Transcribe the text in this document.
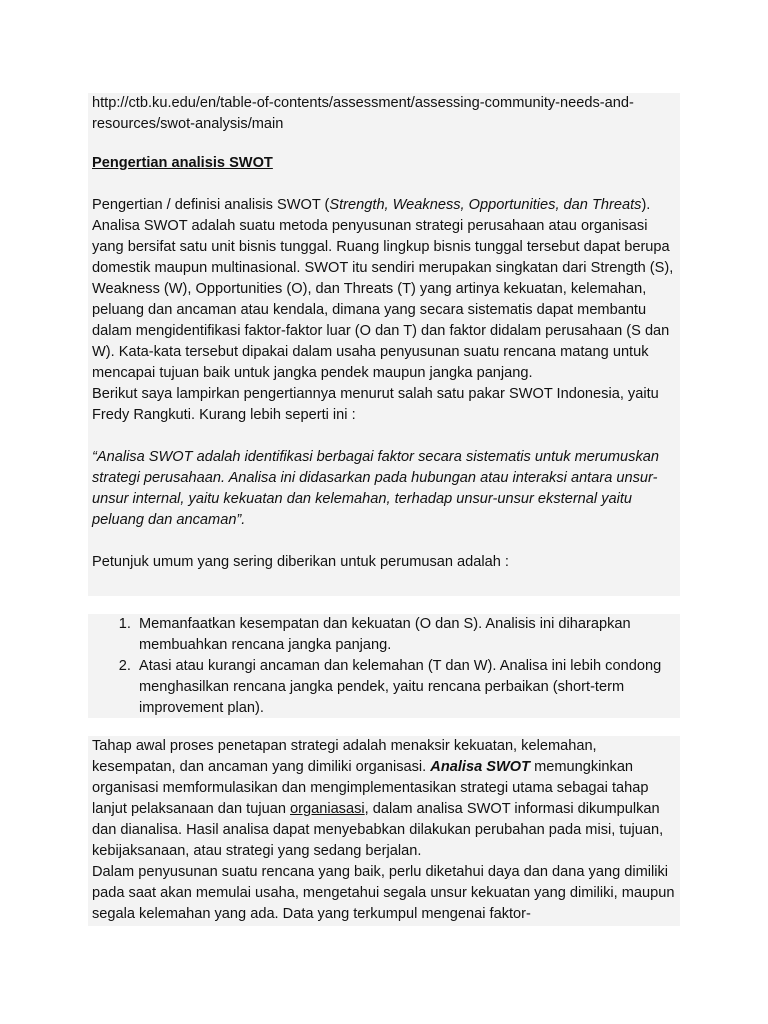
http://ctb.ku.edu/en/table-of-contents/assessment/assessing-community-needs-and-resources/swot-analysis/main

Pengertian analisis SWOT

Pengertian / definisi analisis SWOT (Strength, Weakness, Opportunities, dan Threats). Analisa SWOT adalah suatu metoda penyusunan strategi perusahaan atau organisasi yang bersifat satu unit bisnis tunggal. Ruang lingkup bisnis tunggal tersebut dapat berupa domestik maupun multinasional. SWOT itu sendiri merupakan singkatan dari Strength (S), Weakness (W), Opportunities (O), dan Threats (T) yang artinya kekuatan, kelemahan, peluang dan ancaman atau kendala, dimana yang secara sistematis dapat membantu dalam mengidentifikasi faktor-faktor luar (O dan T) dan faktor didalam perusahaan (S dan W). Kata-kata tersebut dipakai dalam usaha penyusunan suatu rencana matang untuk mencapai tujuan baik untuk jangka pendek maupun jangka panjang.

Berikut saya lampirkan pengertiannya menurut salah satu pakar SWOT Indonesia, yaitu Fredy Rangkuti. Kurang lebih seperti ini :

“Analisa SWOT adalah identifikasi berbagai faktor secara sistematis untuk merumuskan strategi perusahaan. Analisa ini didasarkan pada hubungan atau interaksi antara unsur-unsur internal, yaitu kekuatan dan kelemahan, terhadap unsur-unsur eksternal yaitu peluang dan ancaman”.

Petunjuk umum yang sering diberikan untuk perumusan adalah :

1. Memanfaatkan kesempatan dan kekuatan (O dan S). Analisis ini diharapkan membuahkan rencana jangka panjang.
2. Atasi atau kurangi ancaman dan kelemahan (T dan W). Analisa ini lebih condong menghasilkan rencana jangka pendek, yaitu rencana perbaikan (short-term improvement plan).

Tahap awal proses penetapan strategi adalah menaksir kekuatan, kelemahan, kesempatan, dan ancaman yang dimiliki organisasi. Analisa SWOT memungkinkan organisasi memformulasikan dan mengimplementasikan strategi utama sebagai tahap lanjut pelaksanaan dan tujuan organiasasi, dalam analisa SWOT informasi dikumpulkan dan dianalisa. Hasil analisa dapat menyebabkan dilakukan perubahan pada misi, tujuan, kebijaksanaan, atau strategi yang sedang berjalan.

Dalam penyusunan suatu rencana yang baik, perlu diketahui daya dan dana yang dimiliki pada saat akan memulai usaha, mengetahui segala unsur kekuatan yang dimiliki, maupun segala kelemahan yang ada. Data yang terkumpul mengenai faktor-
